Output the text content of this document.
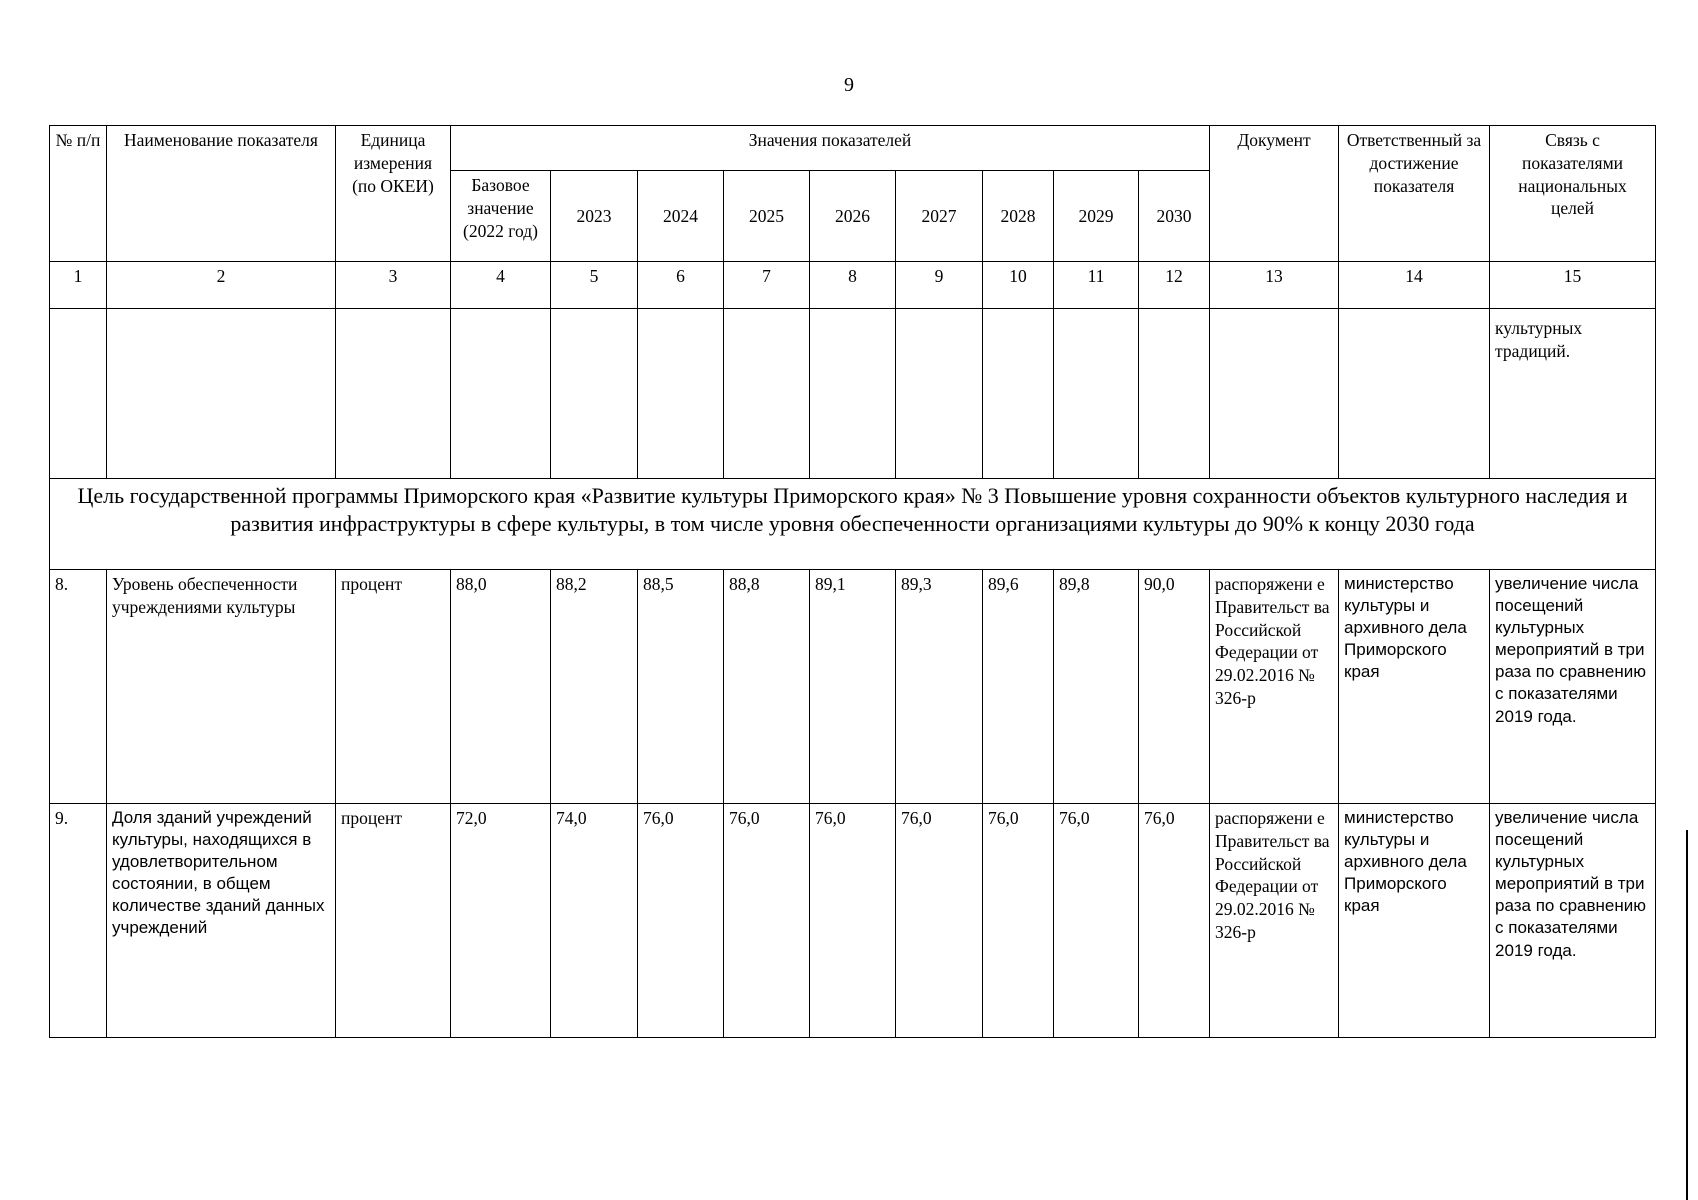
9
№ п/п	Наименование показателя	Единица измерения (по ОКЕИ)	Значения показателей									Документ	Ответственный за достижение показателя	Связь с показателями национальных целей
			Базовое значение (2022 год)	2023	2024	2025	2026	2027	2028	2029	2030			
1	2	3	4	5	6	7	8	9	10	11	12	13	14	15
														культурных традиций.
Цель государственной программы Приморского края «Развитие культуры Приморского края» № 3 Повышение уровня сохранности объектов культурного наследия и развития инфраструктуры в сфере культуры, в том числе уровня обеспеченности организациями культуры до 90% к концу 2030 года														
8.	Уровень обеспеченности учреждениями культуры	процент	88,0	88,2	88,5	88,8	89,1	89,3	89,6	89,8	90,0	распоряжени е Правительст ва Российской Федерации от 29.02.2016 № 326-р	министерство культуры и архивного дела Приморского края	увеличение числа посещений культурных мероприятий в три раза по сравнению с показателями 2019 года.
9.	Доля зданий учреждений культуры, находящихся в удовлетворительном состоянии, в общем количестве зданий данных учреждений	процент	72,0	74,0	76,0	76,0	76,0	76,0	76,0	76,0	76,0	распоряжени е Правительст ва Российской Федерации от 29.02.2016 № 326-р	министерство культуры и архивного дела Приморского края	увеличение числа посещений культурных мероприятий в три раза по сравнению с показателями 2019 года.
